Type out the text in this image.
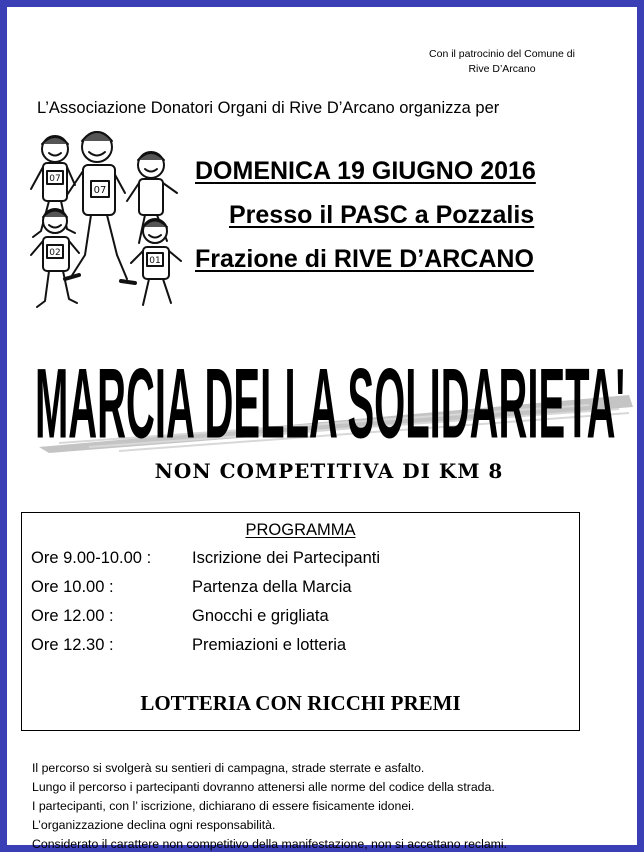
Con il patrocinio del Comune di
Rive D’Arcano
L’Associazione Donatori Organi di Rive D’Arcano organizza per
07
02
01
07	DOMENICA 19 GIUGNO 2016
Presso il PASC a Pozzalis
Frazione di RIVE D’ARCANO
MARCIA DELLA SOLIDARIETA'
NON COMPETITIVA DI KM 8
PROGRAMMA
Ore 9.00-10.00 : Iscrizione dei Partecipanti
Ore 10.00 :	Partenza della Marcia
Ore 12.00 :	Gnocchi e grigliata
Ore 12.30 :	Premiazioni e lotteria
LOTTERIA CON RICCHI PREMI
Il percorso si svolgerà su sentieri di campagna, strade sterrate e asfalto.
Lungo il percorso i partecipanti dovranno attenersi alle norme del codice della strada.
I partecipanti, con l’ iscrizione, dichiarano di essere fisicamente idonei.
L’organizzazione declina ogni responsabilità.
Considerato il carattere non competitivo della manifestazione, non si accettano reclami.
